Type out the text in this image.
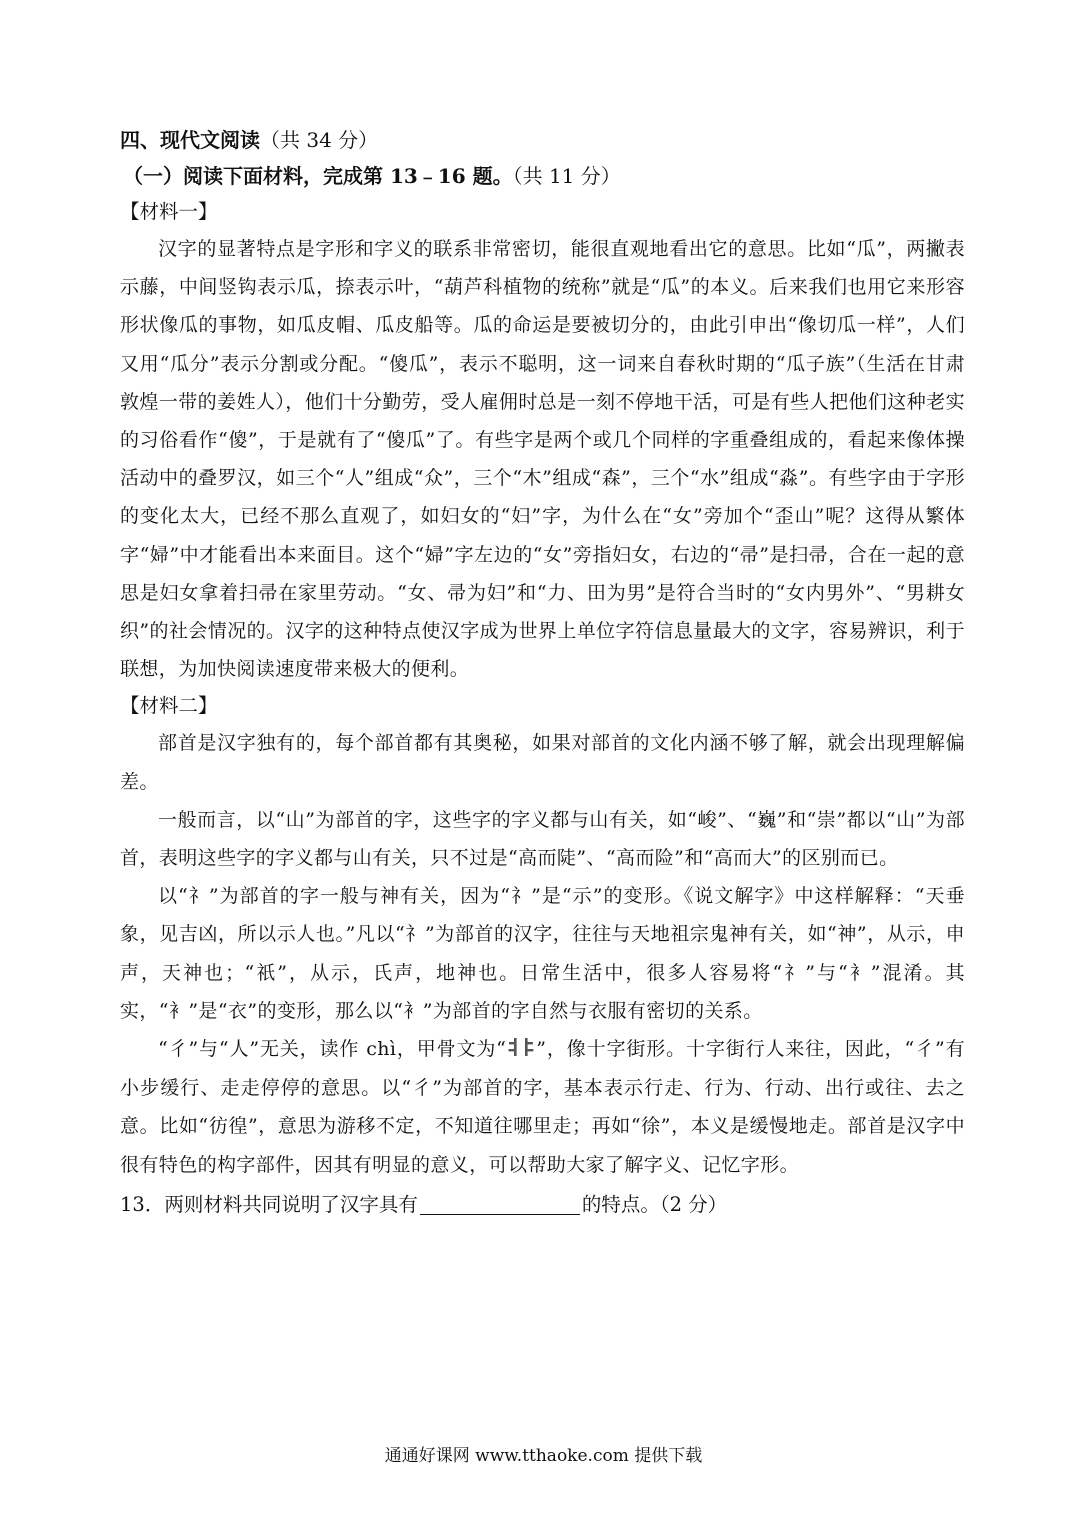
四、现代文阅读（共 34 分）
（一）阅读下面材料，完成第 13﹣16 题。（共 11 分）
【材料一】

汉字的显著特点是字形和字义的联系非常密切，能很直观地看出它的意思。比如“瓜”，两撇表示藤，中间竖钩表示瓜，捺表示叶，“葫芦科植物的统称”就是“瓜”的本义。后来我们也用它来形容形状像瓜的事物，如瓜皮帽、瓜皮船等。瓜的命运是要被切分的，由此引申出“像切瓜一样”，人们又用“瓜分”表示分割或分配。“傻瓜”，表示不聪明，这一词来自春秋时期的“瓜子族”（生活在甘肃敦煌一带的姜姓人），他们十分勤劳，受人雇佣时总是一刻不停地干活，可是有些人把他们这种老实的习俗看作“傻”，于是就有了“傻瓜”了。有些字是两个或几个同样的字重叠组成的，看起来像体操活动中的叠罗汉，如三个“人”组成“众”，三个“木”组成“森”，三个“水”组成“淼”。有些字由于字形的变化太大，已经不那么直观了，如妇女的“妇”字，为什么在“女”旁加个“歪山”呢？这得从繁体字“婦”中才能看出本来面目。这个“婦”字左边的“女”旁指妇女，右边的“帚”是扫帚，合在一起的意思是妇女拿着扫帚在家里劳动。“女、帚为妇”和“力、田为男”是符合当时的“女内男外”、“男耕女织”的社会情况的。汉字的这种特点使汉字成为世界上单位字符信息量最大的文字，容易辨识，利于联想，为加快阅读速度带来极大的便利。

【材料二】

部首是汉字独有的，每个部首都有其奥秘，如果对部首的文化内涵不够了解，就会出现理解偏差。

一般而言，以“山”为部首的字，这些字的字义都与山有关，如“峻”、“巍”和“崇”都以“山”为部首，表明这些字的字义都与山有关，只不过是“高而陡”、“高而险”和“高而大”的区别而已。

以“礻”为部首的字一般与神有关，因为“礻”是“示”的变形。《说文解字》中这样解释：“天垂象，见吉凶，所以示人也。”凡以“礻”为部首的汉字，往往与天地祖宗鬼神有关，如“神”，从示，申声，天神也；“祇”，从示，氏声，地神也。日常生活中，很多人容易将“礻”与“衤”混淆。其实，“衤”是“衣”的变形，那么以“衤”为部首的字自然与衣服有密切的关系。

“彳”与“人”无关，读作 chì，甲骨文为“ ”，像十字街形。十字街行人来往，因此，“彳”有小步缓行、走走停停的意思。以“彳”为部首的字，基本表示行走、行为、行动、出行或往、去之意。比如“彷徨”，意思为游移不定，不知道往哪里走；再如“徐”，本义是缓慢地走。部首是汉字中很有特色的构字部件，因其有明显的意义，可以帮助大家了解字义、记忆字形。

13．两则材料共同说明了汉字具有	的特点。（2 分）
通通好课网 www.tthaoke.com 提供下载
